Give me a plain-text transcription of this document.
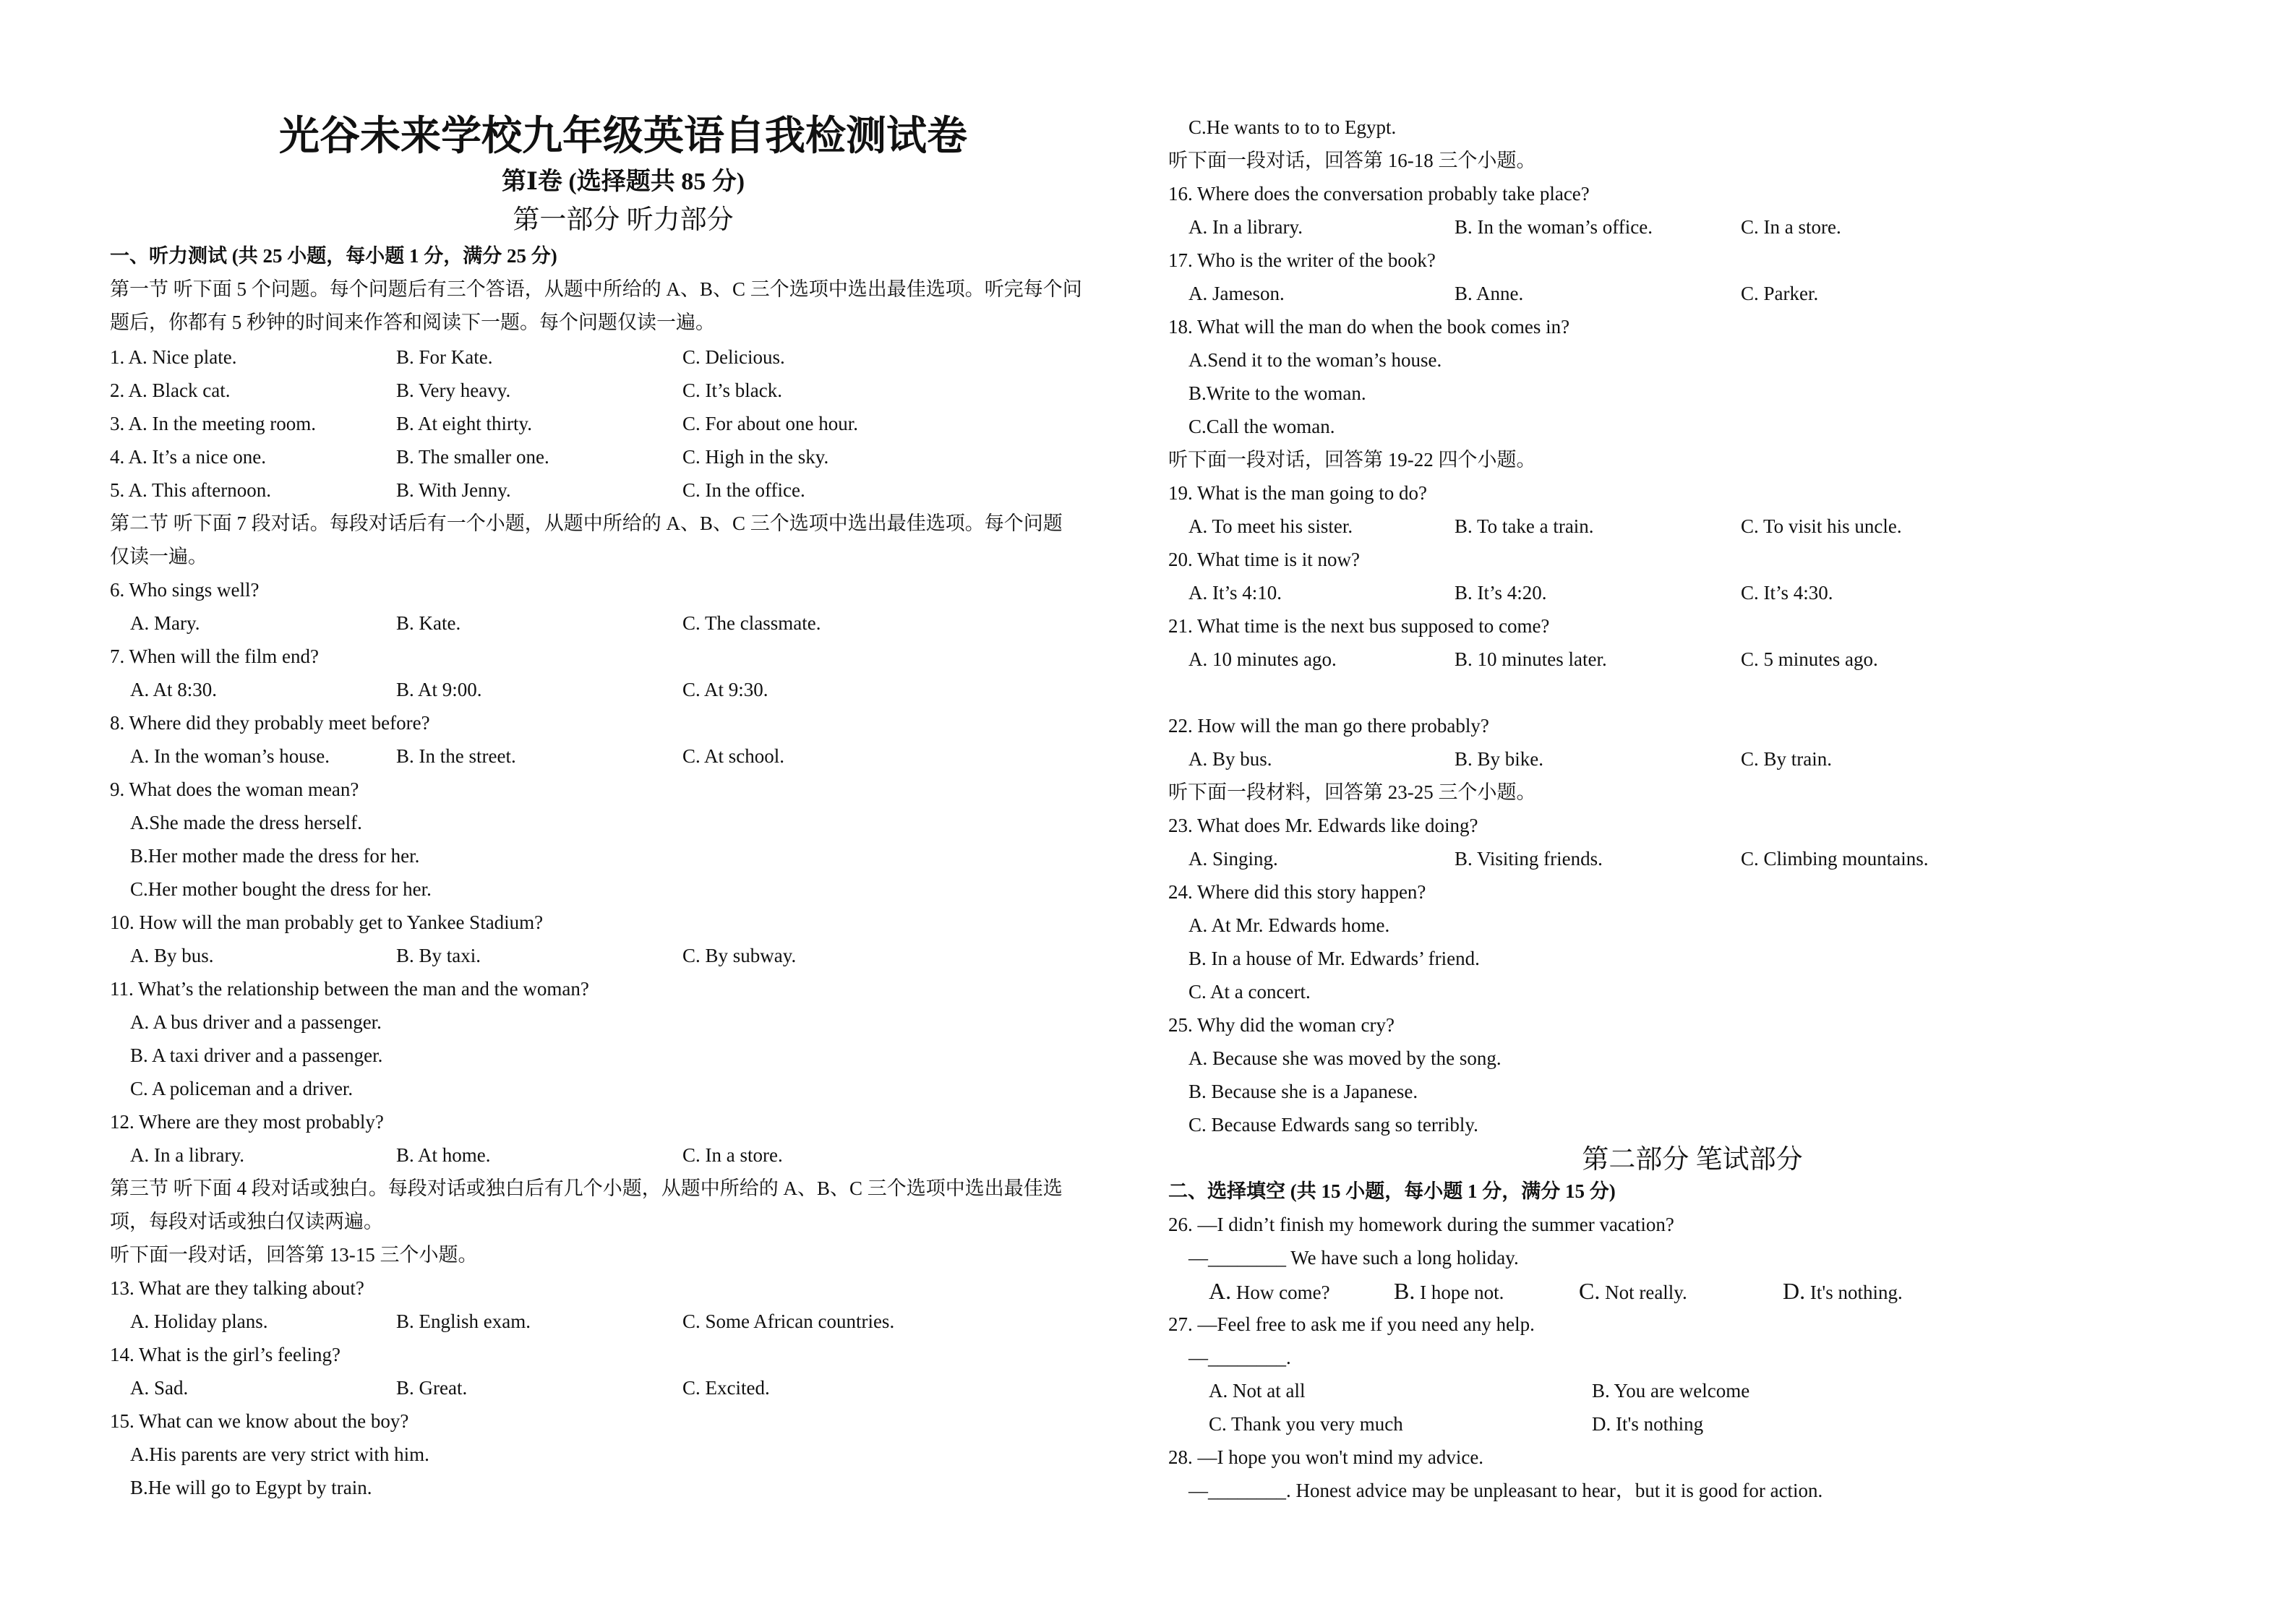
光谷未来学校九年级英语自我检测试卷
第Ⅰ卷 (选择题共 85 分)
第一部分 听力部分
一、听力测试 (共 25 小题，每小题 1 分，满分 25 分)
第一节 听下面 5 个问题。每个问题后有三个答语，从题中所给的 A、B、C 三个选项中选出最佳选项。听完每个问
题后，你都有 5 秒钟的时间来作答和阅读下一题。每个问题仅读一遍。
1. A. Nice plate.	B. For Kate.	C. Delicious.
2. A. Black cat.	B. Very heavy.	C. It’s black.
3. A. In the meeting room.	B. At eight thirty.	C. For about one hour.
4. A. It’s a nice one.	B. The smaller one.	C. High in the sky.
5. A. This afternoon.	B. With Jenny.	C. In the office.
第二节 听下面 7 段对话。每段对话后有一个小题，从题中所给的 A、B、C 三个选项中选出最佳选项。每个问题
仅读一遍。
6. Who sings well?
A. Mary.	B. Kate.	C. The classmate.
7. When will the film end?
A. At 8:30.	B. At 9:00.	C. At 9:30.
8. Where did they probably meet before?
A. In the woman’s house.	B. In the street.	C. At school.
9. What does the woman mean?
A.She made the dress herself.
B.Her mother made the dress for her.
C.Her mother bought the dress for her.
10. How will the man probably get to Yankee Stadium?
A. By bus.	B. By taxi.	C. By subway.
11. What’s the relationship between the man and the woman?
A. A bus driver and a passenger.
B. A taxi driver and a passenger.
C. A policeman and a driver.
12. Where are they most probably?
A. In a library.	B. At home.	C. In a store.
第三节 听下面 4 段对话或独白。每段对话或独白后有几个小题，从题中所给的 A、B、C 三个选项中选出最佳选
项，每段对话或独白仅读两遍。
听下面一段对话，回答第 13-15 三个小题。
13. What are they talking about?
A. Holiday plans.	B. English exam.	C. Some African countries.
14. What is the girl’s feeling?
A. Sad.	B. Great.	C. Excited.
15. What can we know about the boy?
A.His parents are very strict with him.
B.He will go to Egypt by train.
C.He wants to to to Egypt.
听下面一段对话，回答第 16-18 三个小题。
16. Where does the conversation probably take place?
A. In a library.	B. In the woman’s office.	C. In a store.
17. Who is the writer of the book?
A. Jameson.	B. Anne.	C. Parker.
18. What will the man do when the book comes in?
A.Send it to the woman’s house.
B.Write to the woman.
C.Call the woman.
听下面一段对话，回答第 19-22 四个小题。
19. What is the man going to do?
A. To meet his sister.	B. To take a train.	C. To visit his uncle.
20. What time is it now?
A. It’s 4:10.	B. It’s 4:20.	C. It’s 4:30.
21. What time is the next bus supposed to come?
A. 10 minutes ago.	B. 10 minutes later.	C. 5 minutes ago.
22. How will the man go there probably?
A. By bus.	B. By bike.	C. By train.
听下面一段材料，回答第 23-25 三个小题。
23. What does Mr. Edwards like doing?
A. Singing.	B. Visiting friends.	C. Climbing mountains.
24. Where did this story happen?
A. At Mr. Edwards home.
B. In a house of Mr. Edwards’ friend.
C. At a concert.
25. Why did the woman cry?
A. Because she was moved by the song.
B. Because she is a Japanese.
C. Because Edwards sang so terribly.
第二部分 笔试部分
二、选择填空 (共 15 小题，每小题 1 分，满分 15 分)
26. —I didn’t finish my homework during the summer vacation?
—________ We have such a long holiday.
A. How come?	B. I hope not.	C. Not really.	D. It's nothing.
27. —Feel free to ask me if you need any help.
—________.
A. Not at all	B. You are welcome
C. Thank you very much	D. It's nothing
28. —I hope you won't mind my advice.
—________. Honest advice may be unpleasant to hear，but it is good for action.
